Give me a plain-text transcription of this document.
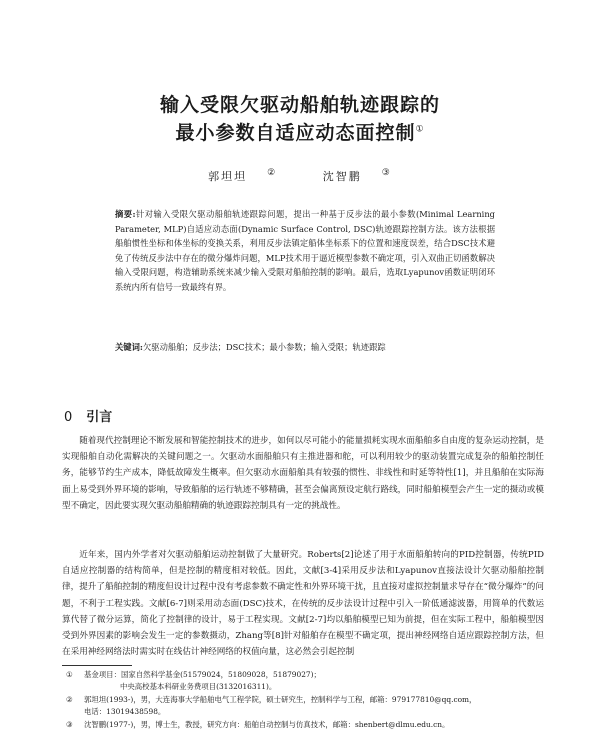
输入受限欠驱动船舶轨迹跟踪的
最小参数自适应动态面控制①
郭坦坦 ②	沈智鹏 ③

摘要:针对输入受限欠驱动船舶轨迹跟踪问题，提出一种基于反步法的最小参数(Minimal Learning Parameter, MLP)自适应动态面(Dynamic Surface Control, DSC)轨迹跟踪控制方法。该方法根据船舶惯性坐标和体坐标的变换关系，利用反步法镇定船体坐标系下的位置和速度误差，结合DSC技术避免了传统反步法中存在的微分爆炸问题，MLP技术用于逼近模型参数不确定项，引入双曲正切函数解决输入受限问题，构造辅助系统来减少输入受限对船舶控制的影响。最后，选取Lyapunov函数证明闭环系统内所有信号一致最终有界。

关键词:欠驱动船舶；反步法；DSC技术；最小参数；输入受限；轨迹跟踪

0 引言

随着现代控制理论不断发展和智能控制技术的进步，如何以尽可能小的能量损耗实现水面船舶多自由度的复杂运动控制，是实现船舶自动化需解决的关键问题之一。欠驱动水面船舶只有主推进器和舵，可以利用较少的驱动装置完成复杂的船舶控制任务，能够节约生产成本，降低故障发生概率。但欠驱动水面船舶具有较强的惯性、非线性和时延等特性[1]，并且船舶在实际海面上易受到外界环境的影响，导致船舶的运行轨迹不够精确，甚至会偏离预设定航行路线，同时船舶模型会产生一定的摄动或模型不确定，因此要实现欠驱动船舶精确的轨迹跟踪控制具有一定的挑战性。

近年来，国内外学者对欠驱动船舶运动控制做了大量研究。Roberts[2]论述了用于水面船舶转向的PID控制器，传统PID自适应控制器的结构简单，但是控制的精度相对较低。因此，文献[3-4]采用反步法和Lyapunov直接法设计欠驱动船舶控制律，提升了船舶控制的精度但设计过程中没有考虑参数不确定性和外界环境干扰，且直接对虚拟控制量求导存在“微分爆炸”的问题，不利于工程实践。文献[6-7]则采用动态面(DSC)技术，在传统的反步法设计过程中引入一阶低通滤波器，用简单的代数运算代替了微分运算，简化了控制律的设计，易于工程实现。文献[2-7]均以船舶模型已知为前提，但在实际工程中，船舶模型因受到外界因素的影响会发生一定的参数摄动，Zhang等[8]针对船舶存在模型不确定项，提出神经网络自适应跟踪控制方法，但在采用神经网络法时需实时在线估计神经网络的权值向量，这必然会引起控制

① 基金项目：国家自然科学基金(51579024，51809028，51879027)；
中央高校基本科研业务费项目(3132016311)。
② 郭坦坦(1993-)，男，大连海事大学船舶电气工程学院，硕士研究生，控制科学与工程，邮箱：979177810@qq.com，
电话：13019438598。
③ 沈智鹏(1977-)，男，博士生，教授，研究方向：船舶自动控制与仿真技术，邮箱：shenbert@dlmu.edu.cn。
